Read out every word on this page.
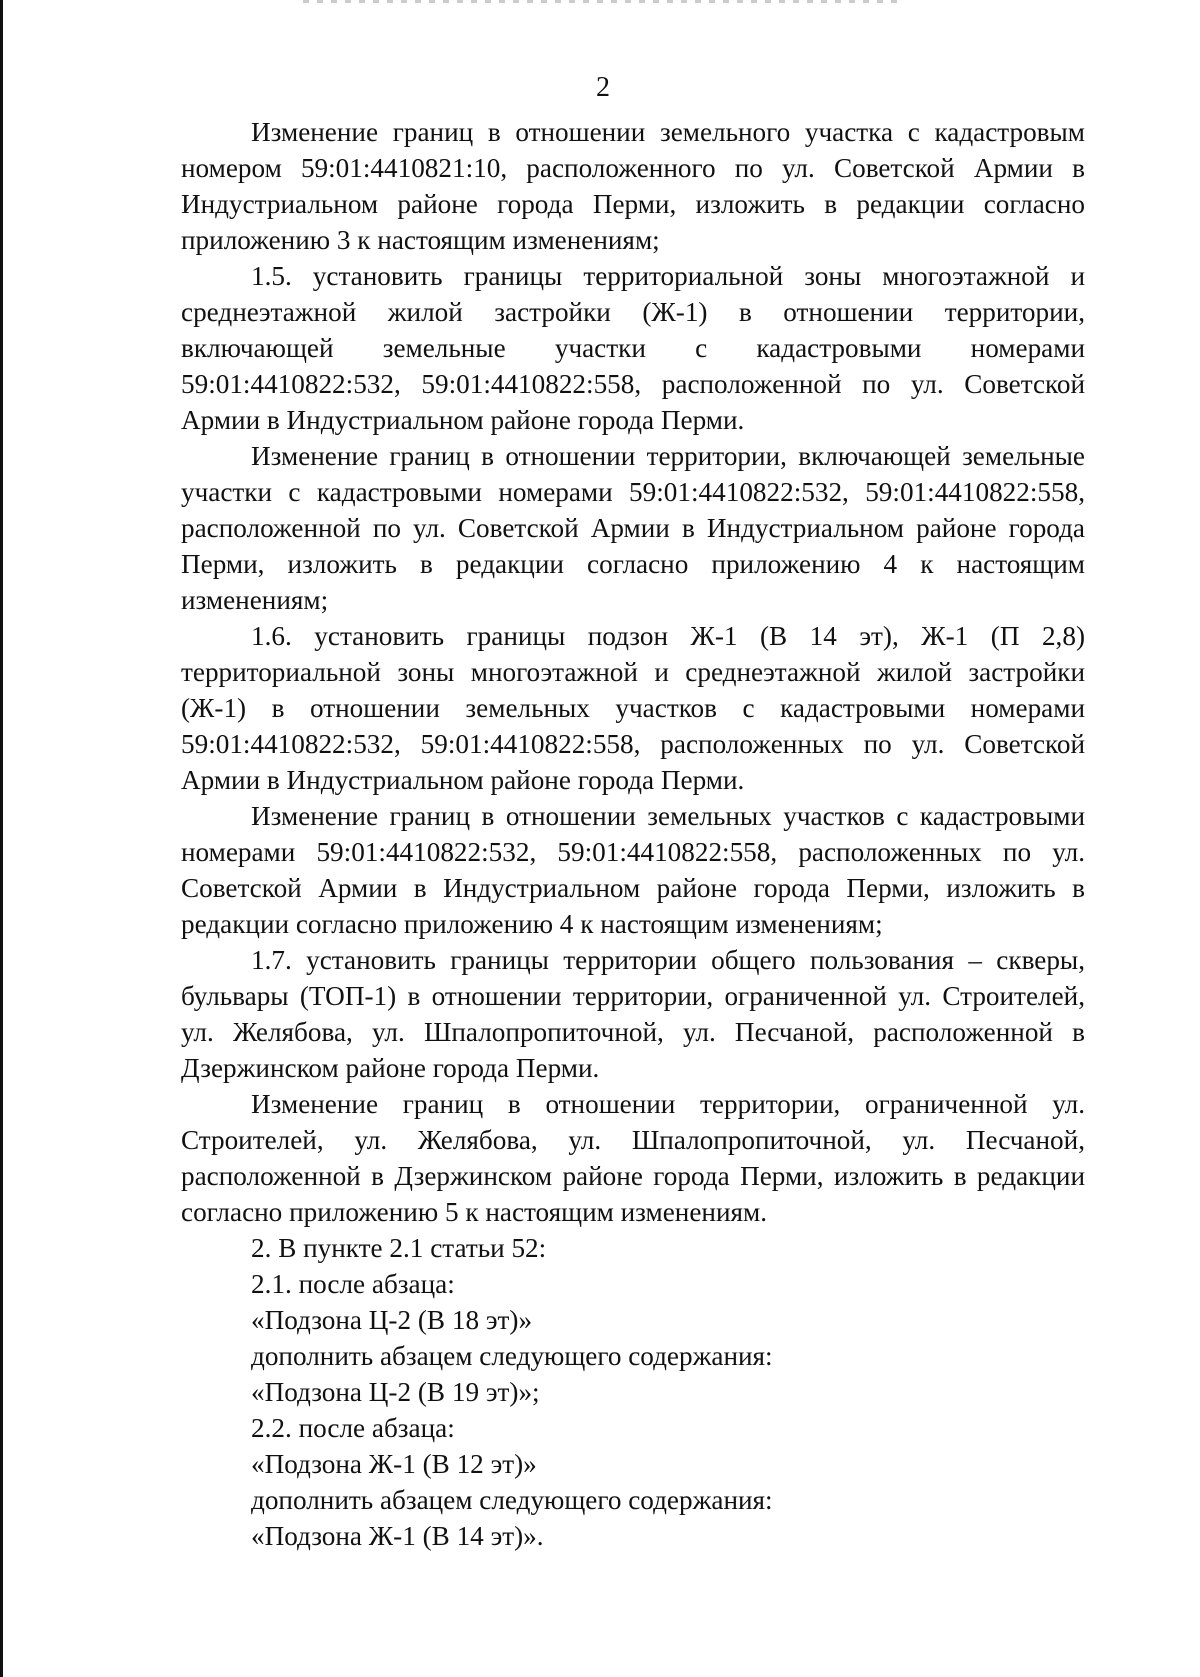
2

Изменение границ в отношении земельного участка с кадастровым номером 59:01:4410821:10, расположенного по ул. Советской Армии в Индустриальном районе города Перми, изложить в редакции согласно приложению 3 к настоящим изменениям;

1.5. установить границы территориальной зоны многоэтажной и среднеэтажной жилой застройки (Ж-1) в отношении территории, включающей земельные участки с кадастровыми номерами 59:01:4410822:532, 59:01:4410822:558, расположенной по ул. Советской Армии в Индустриальном районе города Перми.

Изменение границ в отношении территории, включающей земельные участки с кадастровыми номерами 59:01:4410822:532, 59:01:4410822:558, расположенной по ул. Советской Армии в Индустриальном районе города Перми, изложить в редакции согласно приложению 4 к настоящим изменениям;

1.6. установить границы подзон Ж-1 (В 14 эт), Ж-1 (П 2,8) территориальной зоны многоэтажной и среднеэтажной жилой застройки (Ж-1) в отношении земельных участков с кадастровыми номерами 59:01:4410822:532, 59:01:4410822:558, расположенных по ул. Советской Армии в Индустриальном районе города Перми.

Изменение границ в отношении земельных участков с кадастровыми номерами 59:01:4410822:532, 59:01:4410822:558, расположенных по ул. Советской Армии в Индустриальном районе города Перми, изложить в редакции согласно приложению 4 к настоящим изменениям;

1.7. установить границы территории общего пользования – скверы, бульвары (ТОП-1) в отношении территории, ограниченной ул. Строителей, ул. Желябова, ул. Шпалопропиточной, ул. Песчаной, расположенной в Дзержинском районе города Перми.

Изменение границ в отношении территории, ограниченной ул. Строителей, ул. Желябова, ул. Шпалопропиточной, ул. Песчаной, расположенной в Дзержинском районе города Перми, изложить в редакции согласно приложению 5 к настоящим изменениям.

2. В пункте 2.1 статьи 52:

2.1. после абзаца:

«Подзона Ц-2 (В 18 эт)»

дополнить абзацем следующего содержания:

«Подзона Ц-2 (В 19 эт)»;

2.2. после абзаца:

«Подзона Ж-1 (В 12 эт)»

дополнить абзацем следующего содержания:

«Подзона Ж-1 (В 14 эт)».
